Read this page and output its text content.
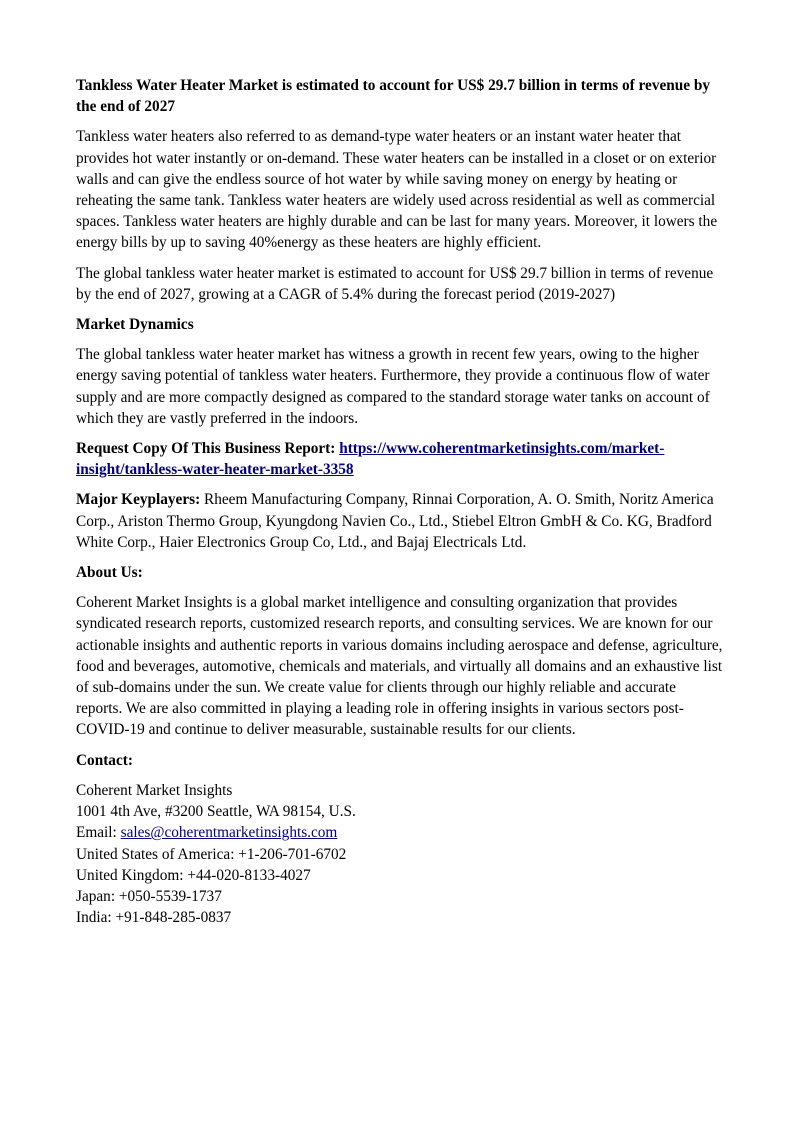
Tankless Water Heater Market is estimated to account for US$ 29.7 billion in terms of revenue by the end of 2027

Tankless water heaters also referred to as demand-type water heaters or an instant water heater that provides hot water instantly or on-demand. These water heaters can be installed in a closet or on exterior walls and can give the endless source of hot water by while saving money on energy by heating or reheating the same tank. Tankless water heaters are widely used across residential as well as commercial spaces. Tankless water heaters are highly durable and can be last for many years. Moreover, it lowers the energy bills by up to saving 40%energy as these heaters are highly efficient.

The global tankless water heater market is estimated to account for US$ 29.7 billion in terms of revenue by the end of 2027, growing at a CAGR of 5.4% during the forecast period (2019-2027)

Market Dynamics

The global tankless water heater market has witness a growth in recent few years, owing to the higher energy saving potential of tankless water heaters. Furthermore, they provide a continuous flow of water supply and are more compactly designed as compared to the standard storage water tanks on account of which they are vastly preferred in the indoors.

Request Copy Of This Business Report: https://www.coherentmarketinsights.com/market-insight/tankless-water-heater-market-3358

Major Keyplayers: Rheem Manufacturing Company, Rinnai Corporation, A. O. Smith, Noritz America Corp., Ariston Thermo Group, Kyungdong Navien Co., Ltd., Stiebel Eltron GmbH & Co. KG, Bradford White Corp., Haier Electronics Group Co, Ltd., and Bajaj Electricals Ltd.

About Us:

Coherent Market Insights is a global market intelligence and consulting organization that provides syndicated research reports, customized research reports, and consulting services. We are known for our actionable insights and authentic reports in various domains including aerospace and defense, agriculture, food and beverages, automotive, chemicals and materials, and virtually all domains and an exhaustive list of sub-domains under the sun. We create value for clients through our highly reliable and accurate reports. We are also committed in playing a leading role in offering insights in various sectors post-COVID-19 and continue to deliver measurable, sustainable results for our clients.

Contact:

Coherent Market Insights
1001 4th Ave, #3200 Seattle, WA 98154, U.S.
Email: sales@coherentmarketinsights.com
United States of America: +1-206-701-6702
United Kingdom: +44-020-8133-4027
Japan: +050-5539-1737
India: +91-848-285-0837
